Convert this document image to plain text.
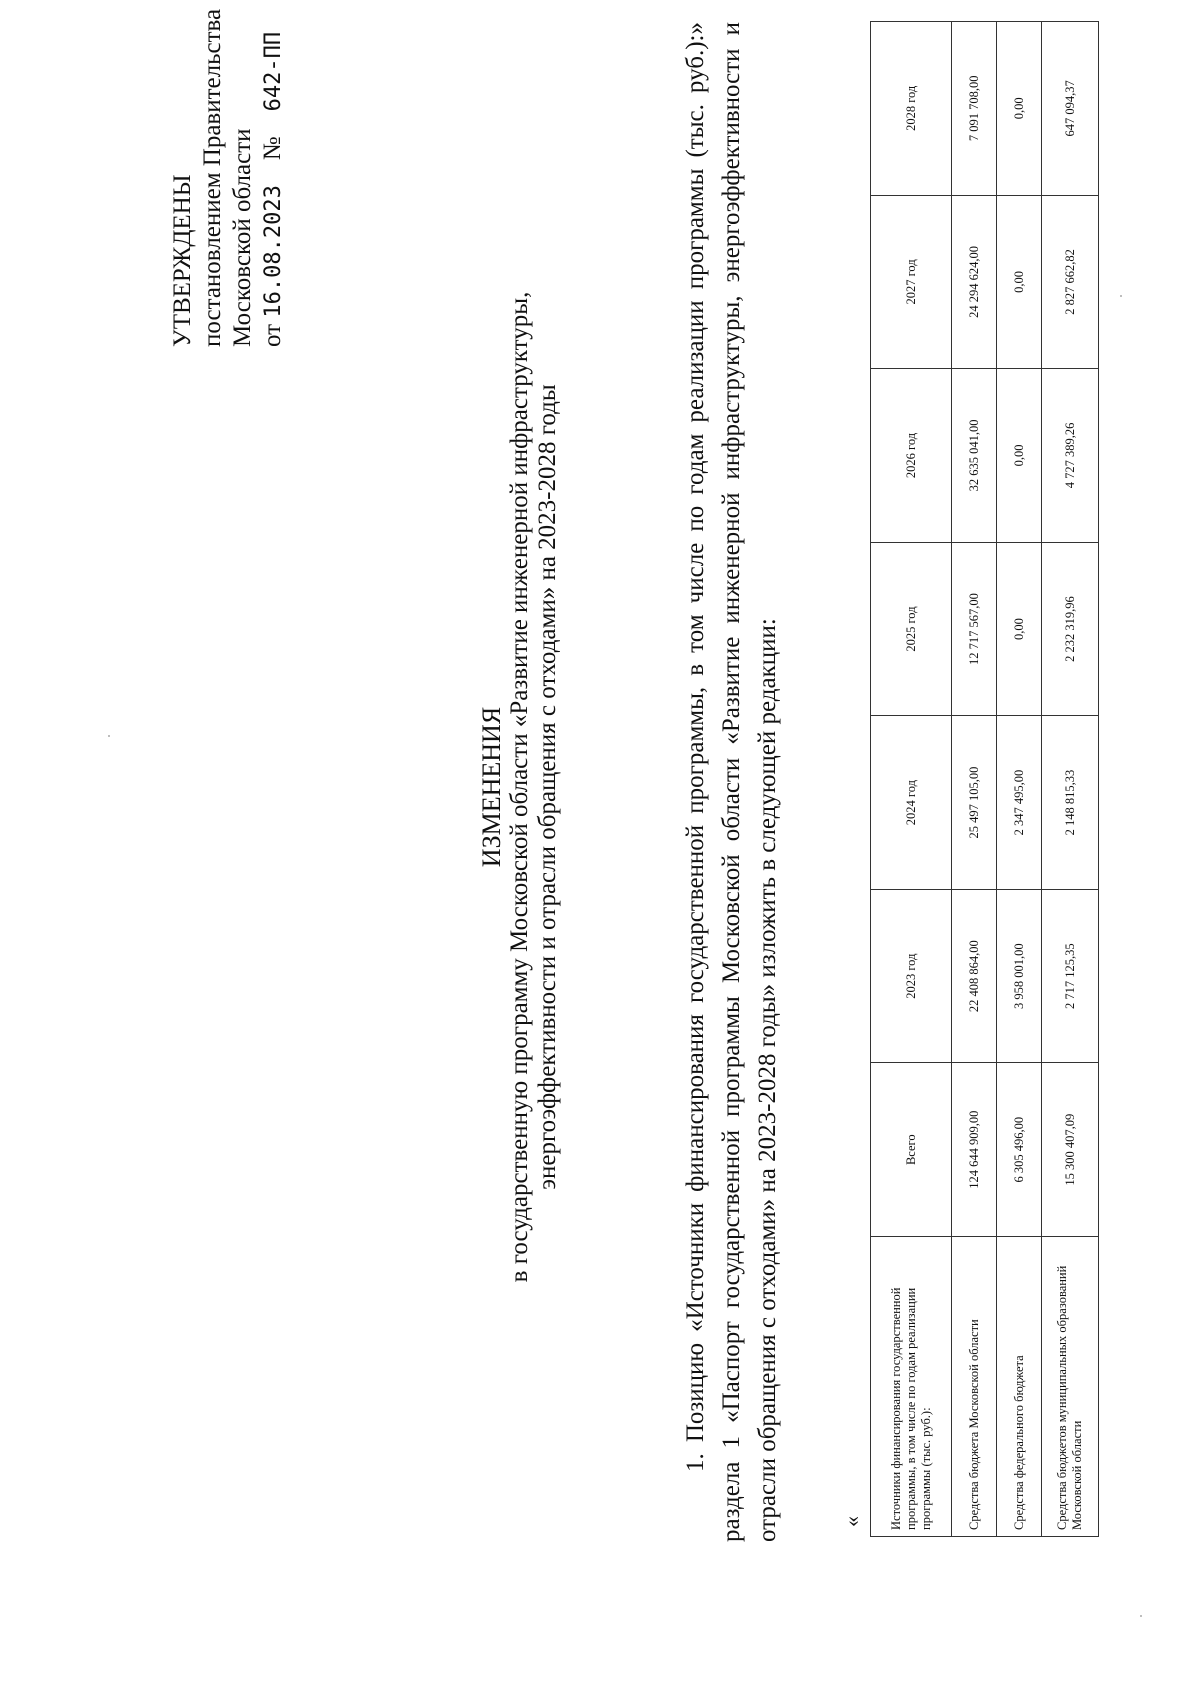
УТВЕРЖДЕНЫ постановлением Правительства Московской области от 16.08.2023    №    642-ПП
ИЗМЕНЕНИЯ в государственную программу Московской области «Развитие инженерной инфраструктуры, энергоэффективности и отрасли обращения с отходами» на 2023-2028 годы	1. Позицию «Источники финансирования государственной программы, в том числе по годам реализации программы (тыс. руб.):» раздела 1 «Паспорт государственной программы Московской области «Развитие инженерной инфраструктуры, энергоэффективности и отрасли обращения с отходами» на 2023-2028 годы» изложить в следующей редакции:	« Источники финансирования государственной программы, в том числе по годам реализации программы (тыс. руб.):	Всего	2023 год	2024 год	2025 год	2026 год	2027 год	2028 год
Средства бюджета Московской области	124 644 909,00	22 408 864,00	25 497 105,00	12 717 567,00	32 635 041,00	24 294 624,00	7 091 708,00
Средства федерального бюджета	6 305 496,00	3 958 001,00	2 347 495,00	0,00	0,00	0,00	0,00
Средства бюджетов муниципальных образований Московской области	15 300 407,09	2 717 125,35	2 148 815,33	2 232 319,96	4 727 389,26	2 827 662,82	647 094,37
